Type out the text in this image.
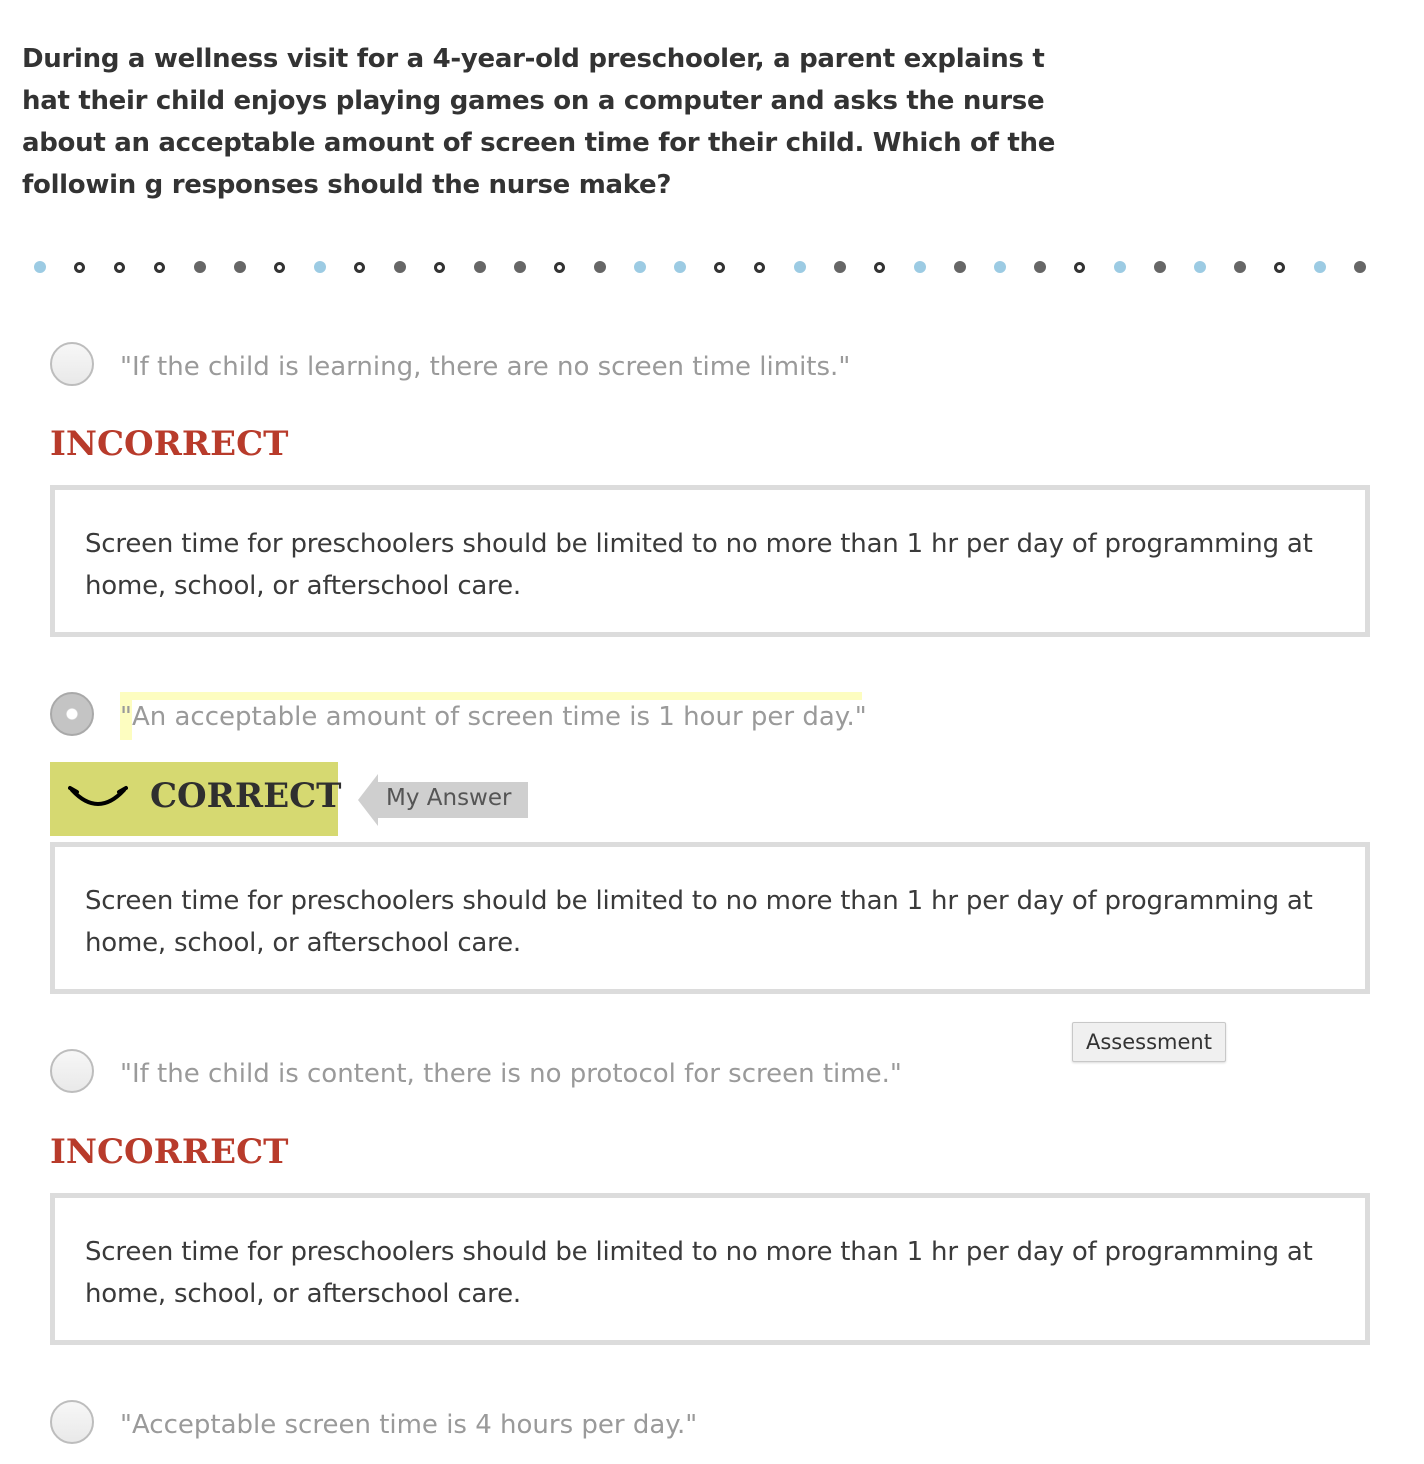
During a wellness visit for a 4-year-old preschooler, a parent explains that their child enjoys playing games on a computer and asks the nurse about an acceptable amount of screen time for their child. Which of the followin g responses should the nurse make?
"If the child is learning, there are no screen time limits."
INCORRECT
Screen time for preschoolers should be limited to no more than 1 hr per day of programming at home, school, or afterschool care.
"An acceptable amount of screen time is 1 hour per day."
CORRECT My Answer
Screen time for preschoolers should be limited to no more than 1 hr per day of programming at home, school, or afterschool care.
Assessment
"If the child is content, there is no protocol for screen time."
INCORRECT
Screen time for preschoolers should be limited to no more than 1 hr per day of programming at home, school, or afterschool care.
"Acceptable screen time is 4 hours per day."
